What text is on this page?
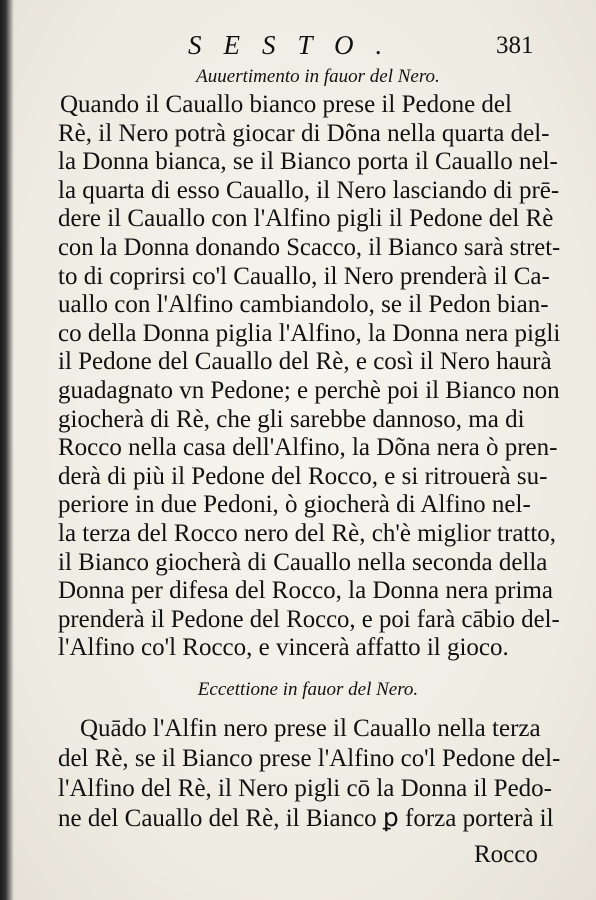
SESTO.	381
Auuertimento in fauor del Nero.
Quando il Cauallo bianco prese il Pedone del
Rè, il Nero potrà giocar di Dõna nella quarta del-
la Donna bianca, se il Bianco porta il Cauallo nel-
la quarta di esso Cauallo, il Nero lasciando di prē-
dere il Cauallo con l'Alfino pigli il Pedone del Rè
con la Donna donando Scacco, il Bianco sarà stret-
to di coprirsi co'l Cauallo, il Nero prenderà il Ca-
uallo con l'Alfino cambiandolo, se il Pedon bian-
co della Donna piglia l'Alfino, la Donna nera pigli
il Pedone del Cauallo del Rè, e così il Nero haurà
guadagnato vn Pedone; e perchè poi il Bianco non
giocherà di Rè, che gli sarebbe dannoso, ma di
Rocco nella casa dell'Alfino, la Dõna nera ò pren-
derà di più il Pedone del Rocco, e si ritrouerà su-
periore in due Pedoni, ò giocherà di Alfino nel-
la terza del Rocco nero del Rè, ch'è miglior tratto,
il Bianco giocherà di Cauallo nella seconda della
Donna per difesa del Rocco, la Donna nera prima
prenderà il Pedone del Rocco, e poi farà cābio del-
l'Alfino co'l Rocco, e vincerà affatto il gioco.
Eccettione in fauor del Nero.
Quādo l'Alfin nero prese il Cauallo nella terza
del Rè, se il Bianco prese l'Alfino co'l Pedone del-
l'Alfino del Rè, il Nero pigli cō la Donna il Pedo-
ne del Cauallo del Rè, il Bianco ꝑ forza porterà il
Rocco
